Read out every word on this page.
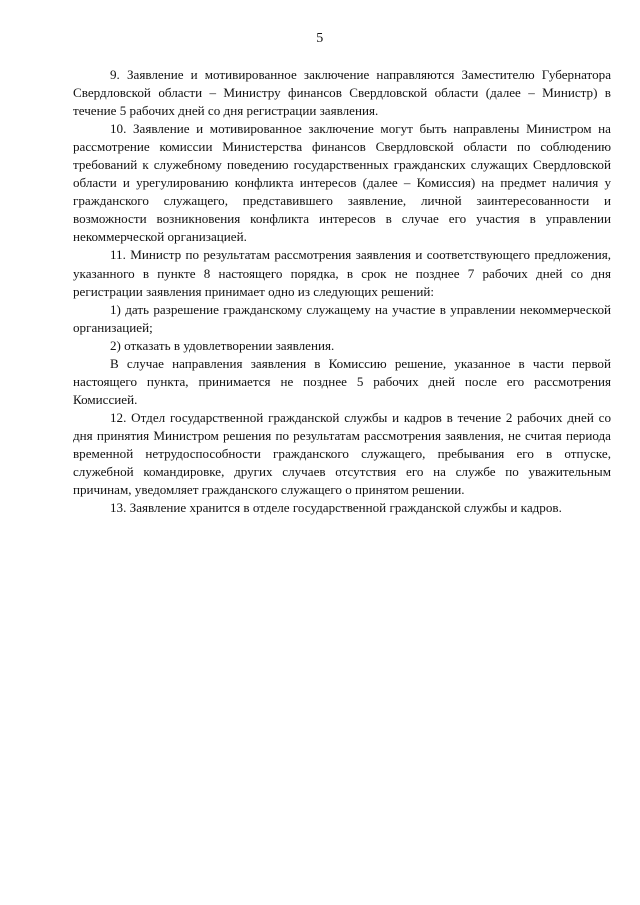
5

9. Заявление и мотивированное заключение направляются Заместителю Губернатора Свердловской области – Министру финансов Свердловской области (далее – Министр) в течение 5 рабочих дней со дня регистрации заявления.

10. Заявление и мотивированное заключение могут быть направлены Министром на рассмотрение комиссии Министерства финансов Свердловской области по соблюдению требований к служебному поведению государственных гражданских служащих Свердловской области и урегулированию конфликта интересов (далее – Комиссия) на предмет наличия у гражданского служащего, представившего заявление, личной заинтересованности и возможности возникновения конфликта интересов в случае его участия в управлении некоммерческой организацией.

11. Министр по результатам рассмотрения заявления и соответствующего предложения, указанного в пункте 8 настоящего порядка, в срок не позднее 7 рабочих дней со дня регистрации заявления принимает одно из следующих решений:

1) дать разрешение гражданскому служащему на участие в управлении некоммерческой организацией;

2) отказать в удовлетворении заявления.

В случае направления заявления в Комиссию решение, указанное в части первой настоящего пункта, принимается не позднее 5 рабочих дней после его рассмотрения Комиссией.

12. Отдел государственной гражданской службы и кадров в течение 2 рабочих дней со дня принятия Министром решения по результатам рассмотрения заявления, не считая периода временной нетрудоспособности гражданского служащего, пребывания его в отпуске, служебной командировке, других случаев отсутствия его на службе по уважительным причинам, уведомляет гражданского служащего о принятом решении.

13. Заявление хранится в отделе государственной гражданской службы и кадров.
